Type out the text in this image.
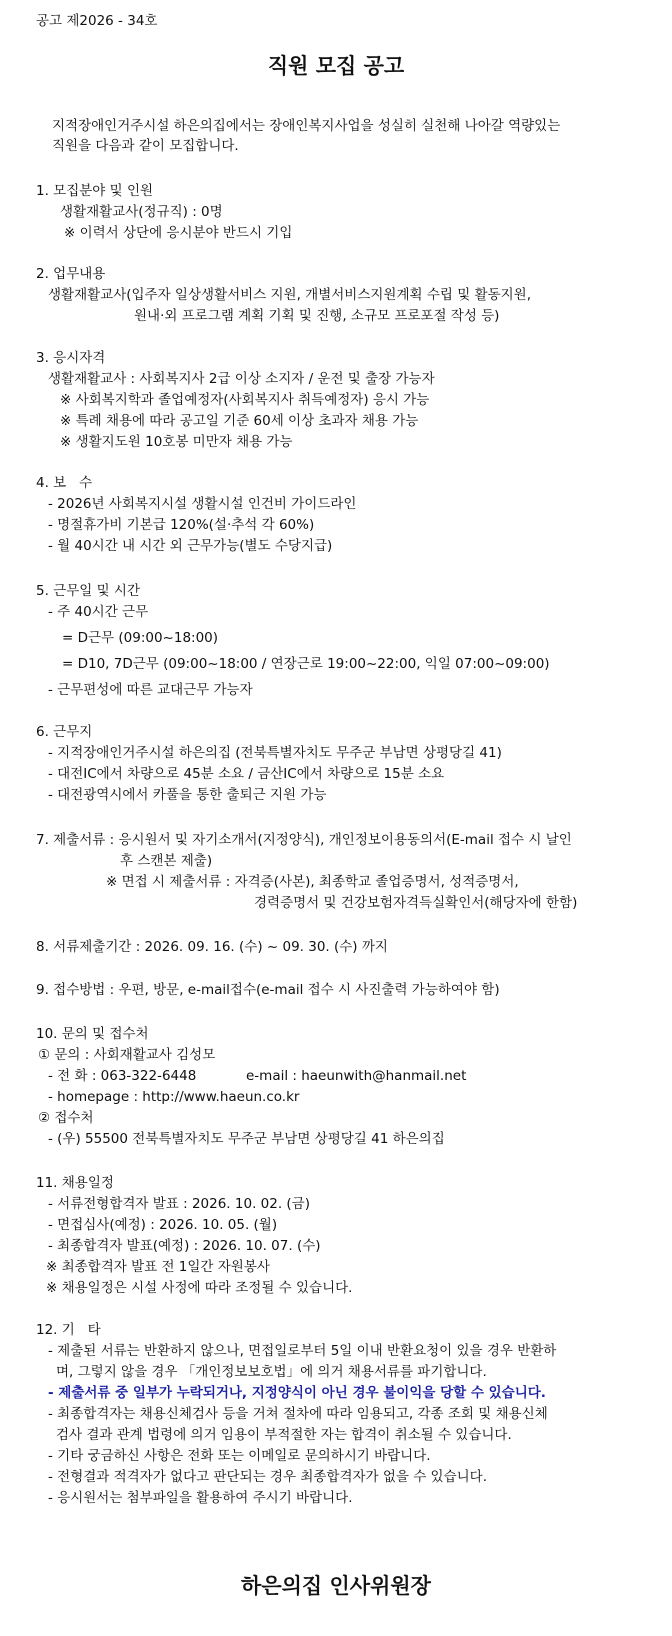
공고 제2026 - 34호
직원 모집 공고
지적장애인거주시설 하은의집에서는 장애인복지사업을 성실히 실천해 나아갈 역량있는
직원을 다음과 같이 모집합니다.
1. 모집분야 및 인원
생활재활교사(정규직) : 0명
※ 이력서 상단에 응시분야 반드시 기입
2. 업무내용
생활재활교사(입주자 일상생활서비스 지원, 개별서비스지원계획 수립 및 활동지원,
원내·외 프로그램 계획 기획 및 진행, 소규모 프로포절 작성 등)
3. 응시자격
생활재활교사 : 사회복지사 2급 이상 소지자 / 운전 및 출장 가능자
※ 사회복지학과 졸업예정자(사회복지사 취득예정자) 응시 가능
※ 특례 채용에 따라 공고일 기준 60세 이상 초과자 채용 가능
※ 생활지도원 10호봉 미만자 채용 가능
4. 보   수
- 2026년 사회복지시설 생활시설 인건비 가이드라인
- 명절휴가비 기본급 120%(설·추석 각 60%)
- 월 40시간 내 시간 외 근무가능(별도 수당지급)
5. 근무일 및 시간
- 주 40시간 근무
= D근무 (09:00~18:00)
= D10, 7D근무 (09:00~18:00 / 연장근로 19:00~22:00, 익일 07:00~09:00)
- 근무편성에 따른 교대근무 가능자
6. 근무지
- 지적장애인거주시설 하은의집 (전북특별자치도 무주군 부남면 상평당길 41)
- 대전IC에서 차량으로 45분 소요 / 금산IC에서 차량으로 15분 소요
- 대전광역시에서 카풀을 통한 출퇴근 지원 가능
7. 제출서류 : 응시원서 및 자기소개서(지정양식), 개인정보이용동의서(E-mail 접수 시 날인
후 스캔본 제출)
※ 면접 시 제출서류 : 자격증(사본), 최종학교 졸업증명서, 성적증명서,
경력증명서 및 건강보험자격득실확인서(해당자에 한함)
8. 서류제출기간 : 2026. 09. 16. (수) ~ 09. 30. (수) 까지
9. 접수방법 : 우편, 방문, e-mail접수(e-mail 접수 시 사진출력 가능하여야 함)
10. 문의 및 접수처
① 문의 : 사회재활교사 김성모
- 전 화 : 063-322-6448	e-mail : haeunwith@hanmail.net
- homepage : http://www.haeun.co.kr
② 접수처
- (우) 55500 전북특별자치도 무주군 부남면 상평당길 41 하은의집
11. 채용일정
- 서류전형합격자 발표 : 2026. 10. 02. (금)
- 면접심사(예정) : 2026. 10. 05. (월)
- 최종합격자 발표(예정) : 2026. 10. 07. (수)
※ 최종합격자 발표 전 1일간 자원봉사
※ 채용일정은 시설 사정에 따라 조정될 수 있습니다.
12. 기   타
- 제출된 서류는 반환하지 않으나, 면접일로부터 5일 이내 반환요청이 있을 경우 반환하
며, 그렇지 않을 경우 「개인정보보호법」에 의거 채용서류를 파기합니다.
- 제출서류 중 일부가 누락되거나, 지정양식이 아닌 경우 불이익을 당할 수 있습니다.
- 최종합격자는 채용신체검사 등을 거쳐 절차에 따라 임용되고, 각종 조회 및 채용신체
검사 결과 관계 법령에 의거 임용이 부적절한 자는 합격이 취소될 수 있습니다.
- 기타 궁금하신 사항은 전화 또는 이메일로 문의하시기 바랍니다.
- 전형결과 적격자가 없다고 판단되는 경우 최종합격자가 없을 수 있습니다.
- 응시원서는 첨부파일을 활용하여 주시기 바랍니다.
하은의집 인사위원장
